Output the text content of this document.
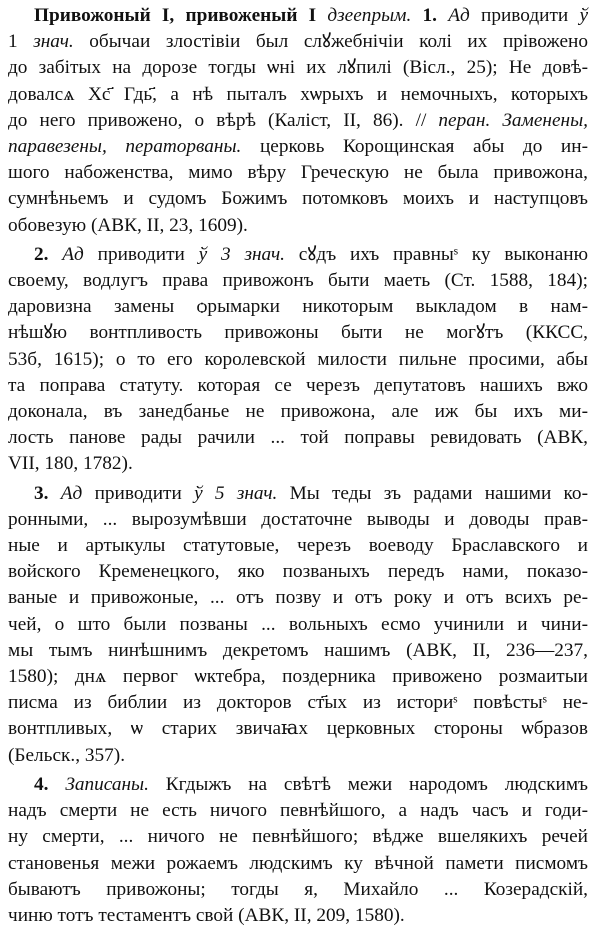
Привожоный I, привоженый I дзеепрым. 1. Ад приводити ў
1 знач. обычаи злостiвiи был слꙋжебнiчiи колi их прiвожено
до забiтых на дорозе тогды ѡнi их лꙋпилi (Віcл., 25); Не довѣ-
довалсѧ Хс҃ Гдь҃, а нѣ пыталъ хѡрыхъ и немочныхъ, которыхъ
до него привожено, о вѣрѣ (Каліст, II, 86). // перан. Заменены,
паравезены, ператорваны. церковь Корощинская абы до ин-
шого набоженства, мимо вѣру Греческую не была привожона,
сумнѣньемъ и судомъ Божимъ потомковъ моихъ и наступцовъ
обовезую (АВК, II, 23, 1609).
2. Ад приводити ў 3 знач. сꙋдъ ихъ правныˢ ку выконаню
своему, водлугъ права привожонъ быти маеть (Ст. 1588, 184);
даровизна замены ѻрымарки никоторым выкладом в нам-
нѣшꙋю вонтпливость привожоны быти не могꙋтъ (ККСС,
53б, 1615); о то его королевской милости пильне просими, абы
та поправа статуту. которая се черезъ депутатовъ нашихъ вжо
доконала, въ занедбанье не привожона, але иж бы ихъ ми-
лость панове рады рачили ... той поправы ревидовать (АВК,
VII, 180, 1782).
3. Ад приводити ў 5 знач. Мы теды зъ радами нашими ко-
ронными, ... вырозумѣвши достаточне выводы и доводы прав-
ные и артыкулы статутовые, черезъ воеводу Браславского и
войского Кременецкого, яко позваныхъ передъ нами, показо-
ваные и привожоные, ... отъ позву и отъ року и отъ всихъ ре-
чей, о што были позваны ... вольныхъ есмо учинили и чини-
мы тымъ нинѣшнимъ декретомъ нашимъ (АВК, II, 236—237,
1580); днѧ первог ѡктебра, поздерника привожено розмаитыи
писма из библии из докторов ст҃ых из историˢ повѣстыˢ не-
вонтпливых, ѡ старих звичаꙗх церковных стороны ѡбразов
(Бельск., 357).
4. Записаны. Кгдыжъ на свѣтѣ межи народомъ людскимъ
надъ смерти не есть ничого певнѣйшого, а надъ часъ и годи-
ну смерти, ... ничого не певнѣйшого; вѣдже вшелякихъ речей
становенья межи рожаемъ людскимъ ку вѣчной памети писмомъ
бываютъ привожоны; тогды я, Михайло ... Козерадскій,
чиню тотъ тестаментъ свой (АВК, II, 209, 1580).
